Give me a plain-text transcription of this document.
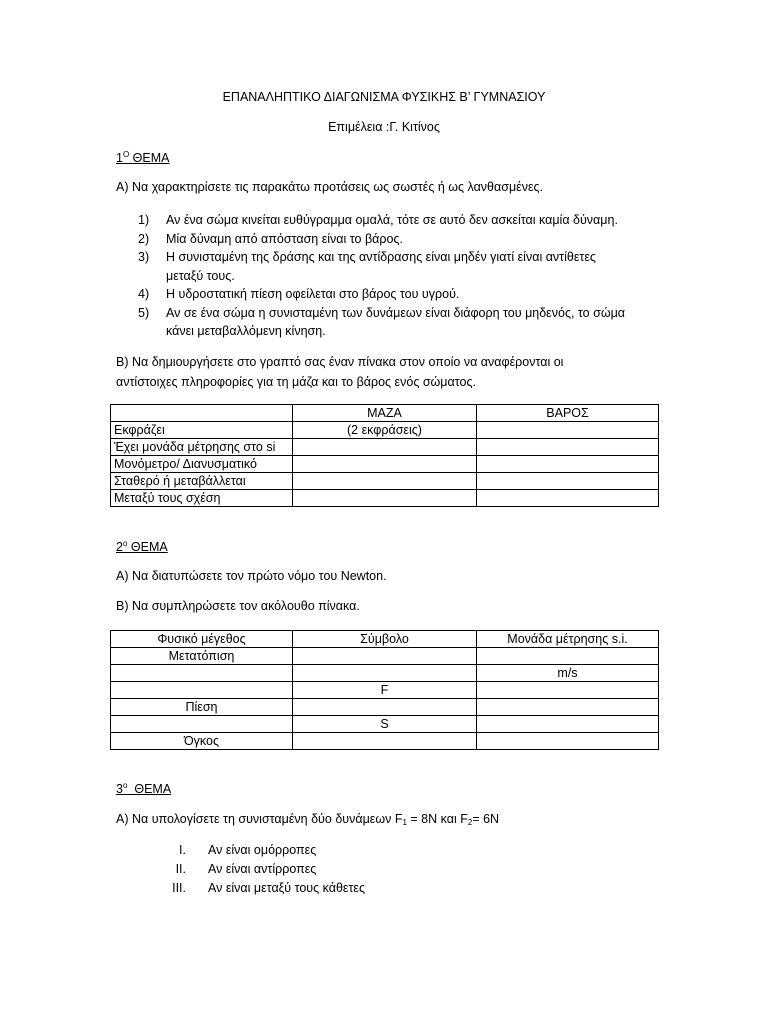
ΕΠΑΝΑΛΗΠΤΙΚΟ ΔΙΑΓΩΝΙΣΜΑ ΦΥΣΙΚΗΣ Β’ ΓΥΜΝΑΣΙΟΥ
Επιμέλεια :Γ. Κιτίνος
$1^O$ ΘΕΜΑ
Α) Να χαρακτηρίσετε τις παρακάτω προτάσεις ως σωστές ή ως λανθασμένες.
1) Αν ένα σώμα κινείται ευθύγραμμα ομαλά, τότε σε αυτό δεν ασκείται καμία δύναμη.
2) Μία δύναμη από απόσταση είναι το βάρος.
3) Η συνισταμένη της δράσης και της αντίδρασης είναι μηδέν γιατί είναι αντίθετες
μεταξύ τους.
4) Η υδροστατική πίεση οφείλεται στο βάρος του υγρού.
5) Αν σε ένα σώμα η συνισταμένη των δυνάμεων είναι διάφορη του μηδενός, το σώμα
κάνει μεταβαλλόμενη κίνηση.
Β) Να δημιουργήσετε στο γραπτό σας έναν πίνακα στον οποίο να αναφέρονται οι
αντίστοιχες πληροφορίες για τη μάζα και το βάρος ενός σώματος.
	ΜΑΖΑ	ΒΑΡΟΣ
Εκφράζει	(2 εκφράσεις)	
Έχει μονάδα μέτρησης στο si		
Μονόμετρο/ Διανυσματικό		
Σταθερό ή μεταβάλλεται		
Μεταξύ τους σχέση		
$2^o$ ΘΕΜΑ
Α) Να διατυπώσετε τον πρώτο νόμο του Newton.
Β) Να συμπληρώσετε τον ακόλουθο πίνακα.
Φυσικό μέγεθος	Σύμβολο	Μονάδα μέτρησης s.i.
Μετατόπιση		
		m/s
	F	
Πίεση		
	S	
Όγκος		
$3^o$ ΘΕΜΑ
Α) Να υπολογίσετε τη συνισταμένη δύο δυνάμεων $F_1 = 8N$ και $F_2= 6N$
I. Αν είναι ομόρροπες
II. Αν είναι αντίρροπες
III. Αν είναι μεταξύ τους κάθετες
